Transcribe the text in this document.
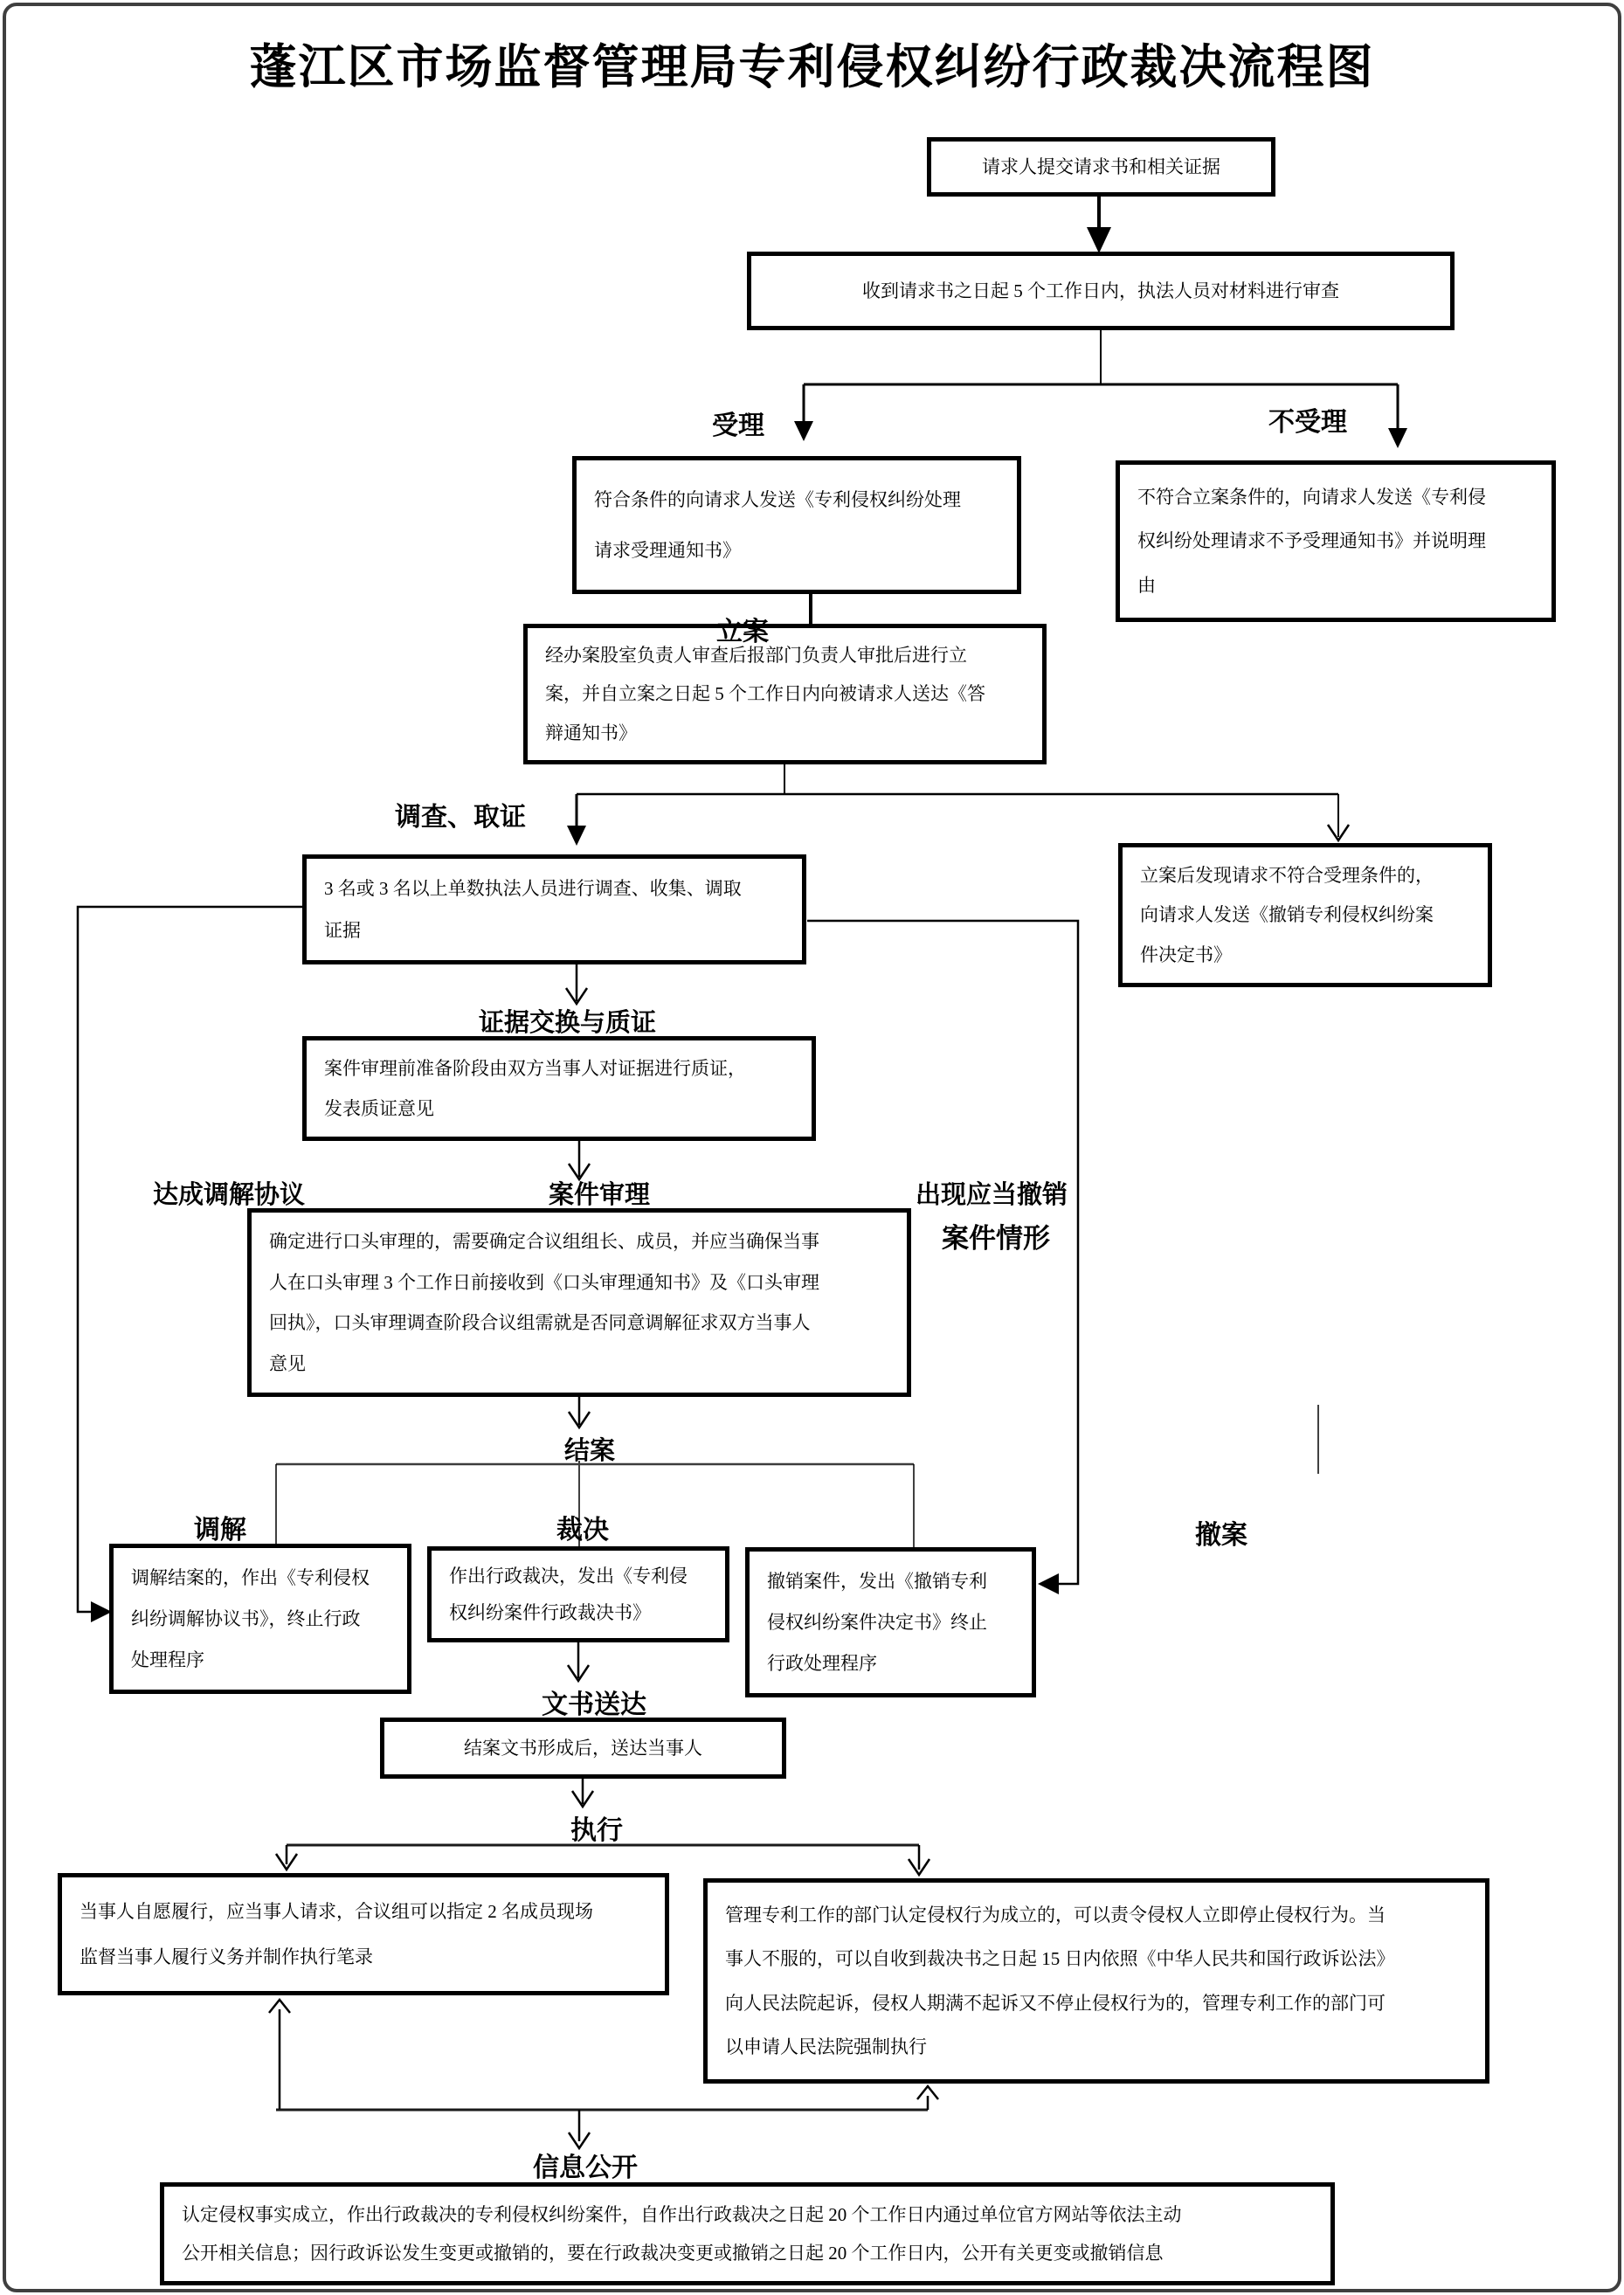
蓬江区市场监督管理局专利侵权纠纷行政裁决流程图
请求人提交请求书和相关证据
收到请求书之日起 5 个工作日内，执法人员对材料进行审查
符合条件的向请求人发送《专利侵权纠纷处理
请求受理通知书》
不符合立案条件的，向请求人发送《专利侵
权纠纷处理请求不予受理通知书》并说明理
由
经办案股室负责人审查后报部门负责人审批后进行立
案，并自立案之日起 5 个工作日内向被请求人送达《答
辩通知书》
立案后发现请求不符合受理条件的，
向请求人发送《撤销专利侵权纠纷案
件决定书》
3 名或 3 名以上单数执法人员进行调查、收集、调取
证据
案件审理前准备阶段由双方当事人对证据进行质证，
发表质证意见
确定进行口头审理的，需要确定合议组组长、成员，并应当确保当事
人在口头审理 3 个工作日前接收到《口头审理通知书》及《口头审理
回执》，口头审理调查阶段合议组需就是否同意调解征求双方当事人
意见
调解结案的，作出《专利侵权
纠纷调解协议书》，终止行政
处理程序
作出行政裁决，发出《专利侵
权纠纷案件行政裁决书》
撤销案件，发出《撤销专利
侵权纠纷案件决定书》终止
行政处理程序
结案文书形成后，送达当事人
当事人自愿履行，应当事人请求，合议组可以指定 2 名成员现场
监督当事人履行义务并制作执行笔录
管理专利工作的部门认定侵权行为成立的，可以责令侵权人立即停止侵权行为。当
事人不服的，可以自收到裁决书之日起 15 日内依照《中华人民共和国行政诉讼法》
向人民法院起诉，侵权人期满不起诉又不停止侵权行为的，管理专利工作的部门可
以申请人民法院强制执行
认定侵权事实成立，作出行政裁决的专利侵权纠纷案件，自作出行政裁决之日起 20 个工作日内通过单位官方网站等依法主动
公开相关信息；因行政诉讼发生变更或撤销的，要在行政裁决变更或撤销之日起 20 个工作日内，公开有关更变或撤销信息
受理	不受理
立案
调查、取证
证据交换与质证
达成调解协议	案件审理	出现应当撤销
案件情形
结案
调解	裁决	撤案
文书送达
执行
信息公开
